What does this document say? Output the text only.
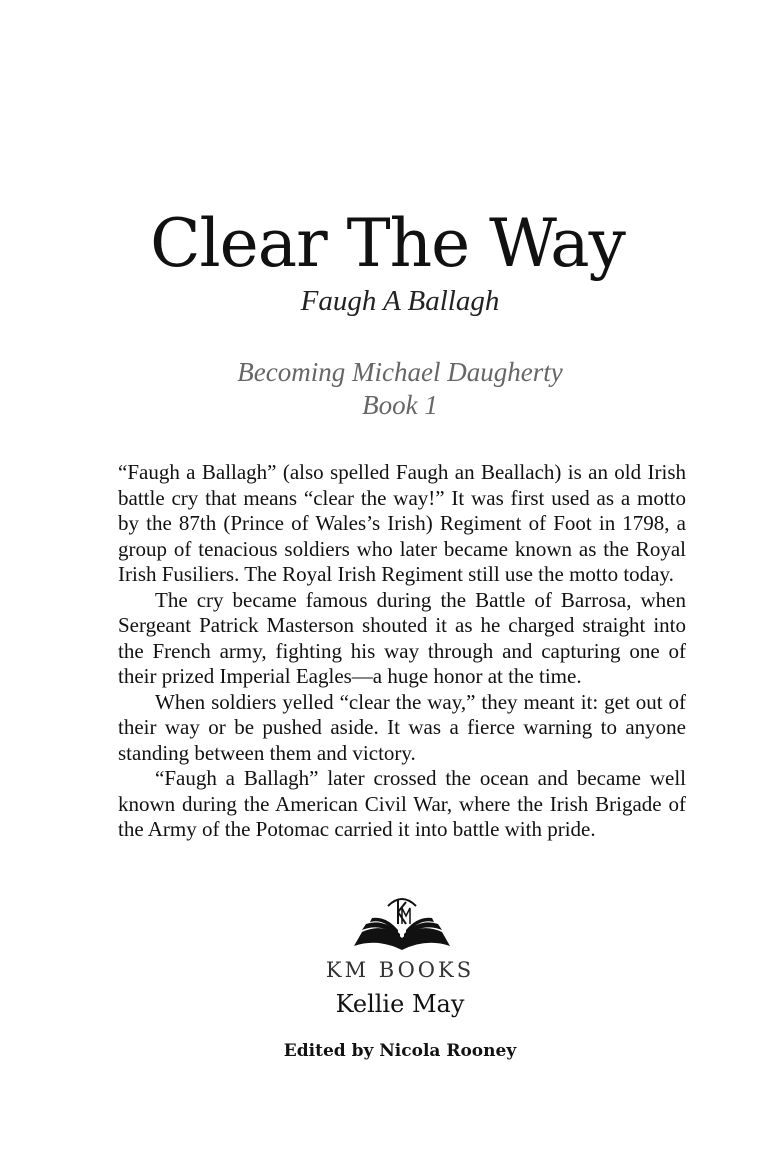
Clear The Way
Faugh A Ballagh
Becoming Michael Daugherty
Book 1

“Faugh a Ballagh” (also spelled Faugh an Beallach) is an old Irish battle cry that means “clear the way!” It was first used as a motto by the 87th (Prince of Wales’s Irish) Regiment of Foot in 1798, a group of tenacious soldiers who later became known as the Royal Irish Fusiliers. The Royal Irish Regiment still use the motto today.

The cry became famous during the Battle of Barrosa, when Sergeant Patrick Masterson shouted it as he charged straight into the French army, fighting his way through and capturing one of their prized Imperial Eagles—a huge honor at the time.

When soldiers yelled “clear the way,” they meant it: get out of their way or be pushed aside. It was a fierce warning to anyone standing between them and victory.

“Faugh a Ballagh” later crossed the ocean and became well known during the American Civil War, where the Irish Brigade of the Army of the Potomac carried it into battle with pride.

KM BOOKS
Kellie May
Edited by Nicola Rooney
